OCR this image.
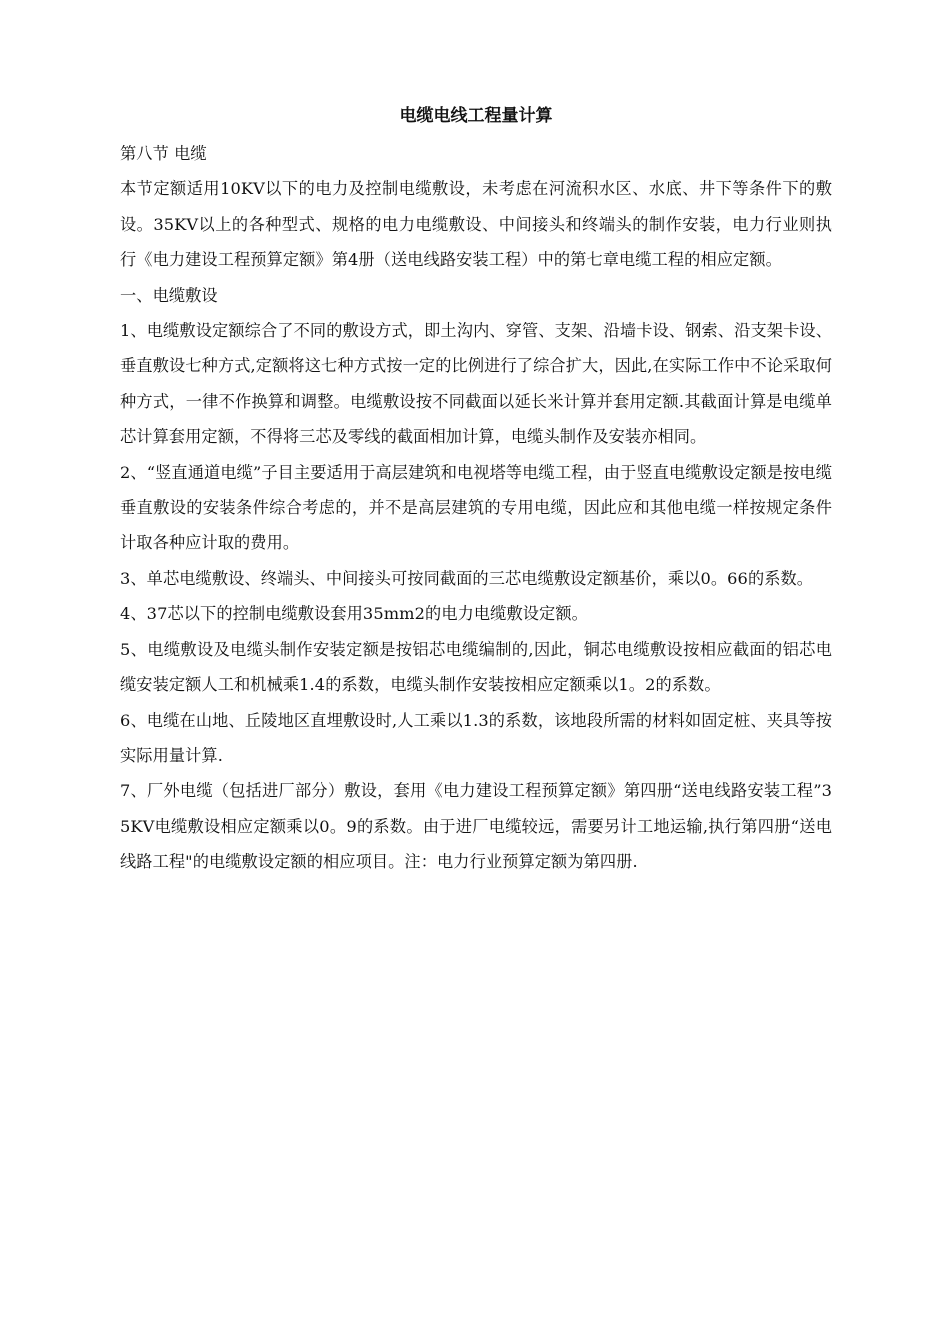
电缆电线工程量计算

第八节 电缆

本节定额适用10KV以下的电力及控制电缆敷设，未考虑在河流积水区、水底、井下等条件下的敷设。35KV以上的各种型式、规格的电力电缆敷设、中间接头和终端头的制作安装，电力行业则执行《电力建设工程预算定额》第4册（送电线路安装工程）中的第七章电缆工程的相应定额。

一、电缆敷设

1、电缆敷设定额综合了不同的敷设方式，即土沟内、穿管、支架、沿墙卡设、钢索、沿支架卡设、垂直敷设七种方式,定额将这七种方式按一定的比例进行了综合扩大，因此,在实际工作中不论采取何种方式，一律不作换算和调整。电缆敷设按不同截面以延长米计算并套用定额.其截面计算是电缆单芯计算套用定额，不得将三芯及零线的截面相加计算，电缆头制作及安装亦相同。

2、“竖直通道电缆”子目主要适用于高层建筑和电视塔等电缆工程，由于竖直电缆敷设定额是按电缆垂直敷设的安装条件综合考虑的，并不是高层建筑的专用电缆，因此应和其他电缆一样按规定条件计取各种应计取的费用。

3、单芯电缆敷设、终端头、中间接头可按同截面的三芯电缆敷设定额基价，乘以0。66的系数。

4、37芯以下的控制电缆敷设套用35mm2的电力电缆敷设定额。

5、电缆敷设及电缆头制作安装定额是按铝芯电缆编制的,因此，铜芯电缆敷设按相应截面的铝芯电缆安装定额人工和机械乘1.4的系数，电缆头制作安装按相应定额乘以1。2的系数。

6、电缆在山地、丘陵地区直埋敷设时,人工乘以1.3的系数，该地段所需的材料如固定桩、夹具等按实际用量计算.

7、厂外电缆（包括进厂部分）敷设，套用《电力建设工程预算定额》第四册“送电线路安装工程”35KV电缆敷设相应定额乘以0。9的系数。由于进厂电缆较远，需要另计工地运输,执行第四册“送电线路工程"的电缆敷设定额的相应项目。注：电力行业预算定额为第四册.
